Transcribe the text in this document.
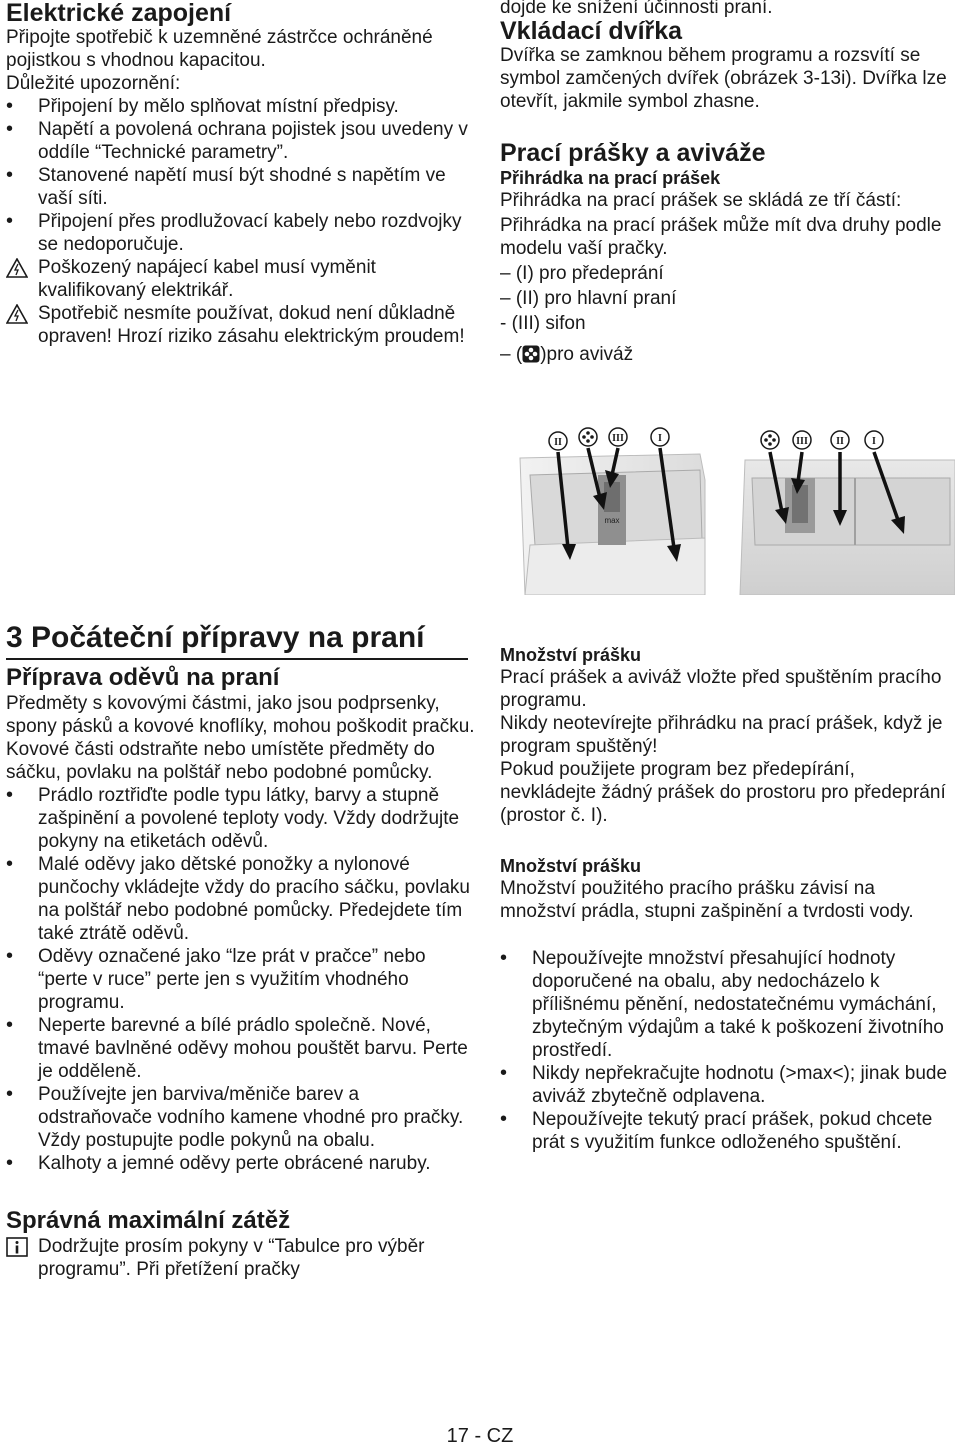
Elektrické zapojení

Připojte spotřebič k uzemněné zástrčce ochráněné pojistkou s vhodnou kapacitou.

Důležité upozornění:

• Připojení by mělo splňovat místní předpisy.
• Napětí a povolená ochrana pojistek jsou uvedeny v oddíle “Technické parametry”.
• Stanovené napětí musí být shodné s napětím ve vaší síti.
• Připojení přes prodlužovací kabely nebo rozdvojky se nedoporučuje.

Poškozený napájecí kabel musí vyměnit kvalifikovaný elektrikář.

Spotřebič nesmíte používat, dokud není důkladně opraven! Hrozí riziko zásahu elektrickým proudem!

dojde ke snížení účinnosti praní.

Vkládací dvířka

Dvířka se zamknou během programu a rozsvítí se symbol zamčených dvířek (obrázek 3-13i). Dvířka lze otevřít, jakmile symbol zhasne.

Prací prášky a aviváže
Přihrádka na prací prášek

Přihrádka na prací prášek se skládá ze tří částí:

Přihrádka na prací prášek může mít dva druhy podle modelu vaší pračky.

– (I) pro předeprání

– (II) pro hlavní praní

- (III) sifon

– ( )pro aviváž

II	III	I	III	II	I
max
3 Počáteční přípravy na praní
Příprava oděvů na praní

Předměty s kovovými částmi, jako jsou podprsenky, spony pásků a kovové knoflíky, mohou poškodit pračku. Kovové části odstraňte nebo umístěte předměty do sáčku, povlaku na polštář nebo podobné pomůcky.

• Prádlo roztřiďte podle typu látky, barvy a stupně zašpinění a povolené teploty vody. Vždy dodržujte pokyny na etiketách oděvů.
• Malé oděvy jako dětské ponožky a nylonové punčochy vkládejte vždy do pracího sáčku, povlaku na polštář nebo podobné pomůcky. Předejdete tím také ztrátě oděvů.
• Oděvy označené jako “lze prát v pračce” nebo “perte v ruce” perte jen s využitím vhodného programu.
• Neperte barevné a bílé prádlo společně. Nové, tmavé bavlněné oděvy mohou pouštět barvu. Perte je odděleně.
• Používejte jen barviva/měniče barev a odstraňovače vodního kamene vhodné pro pračky. Vždy postupujte podle pokynů na obalu.
• Kalhoty a jemné oděvy perte obrácené naruby.
Správná maximální zátěž

Dodržujte prosím pokyny v “Tabulce pro výběr programu”. Při přetížení pračky

Množství prášku

Prací prášek a aviváž vložte před spuštěním pracího programu.

Nikdy neotevírejte přihrádku na prací prášek, když je program spuštěný!

Pokud použijete program bez předepírání, nevkládejte žádný prášek do prostoru pro předeprání (prostor č. I).

Množství prášku

Množství použitého pracího prášku závisí na množství prádla, stupni zašpinění a tvrdosti vody.

• Nepoužívejte množství přesahující hodnoty doporučené na obalu, aby nedocházelo k přílišnému pěnění, nedostatečnému vymáchání, zbytečným výdajům a také k poškození životního prostředí.
• Nikdy nepřekračujte hodnotu (>max<); jinak bude aviváž zbytečně odplavena.
• Nepoužívejte tekutý prací prášek, pokud chcete prát s využitím funkce odloženého spuštění.
17 - CZ
